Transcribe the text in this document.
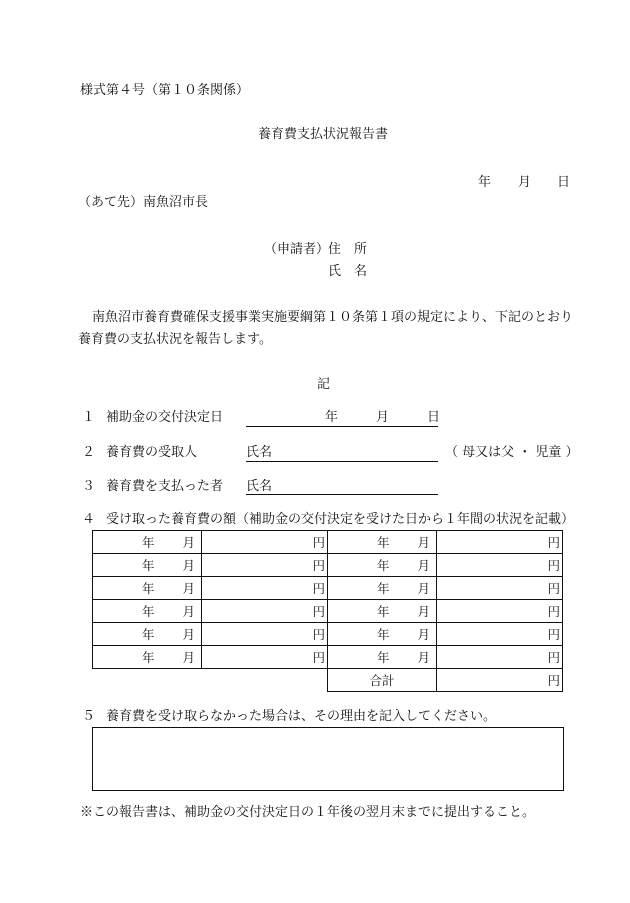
様式第４号（第１０条関係）
養育費支払状況報告書
年 月 日
（あて先）南魚沼市長
（申請者）
住　所
氏　名
南魚沼市養育費確保支援事業実施要綱第１０条第１項の規定により、下記のとおり
養育費の支払状況を報告します。
記
１ 補助金の交付決定日	年	月	日
２ 養育費の受取人	氏名	（ 母又は父 ・ 児童 ）
３ 養育費を支払った者 氏名
４ 受け取った養育費の額（補助金の交付決定を受けた日から１年間の状況を記載）
年 月	円	年 月	円

年 月	円	年 月	円

年 月	円	年 月	円

年 月	円	年 月	円

年 月	円	年 月	円

年 月	円	年 月	円
		合計	円
５ 養育費を受け取らなかった場合は、その理由を記入してください。
※この報告書は、補助金の交付決定日の１年後の翌月末までに提出すること。
